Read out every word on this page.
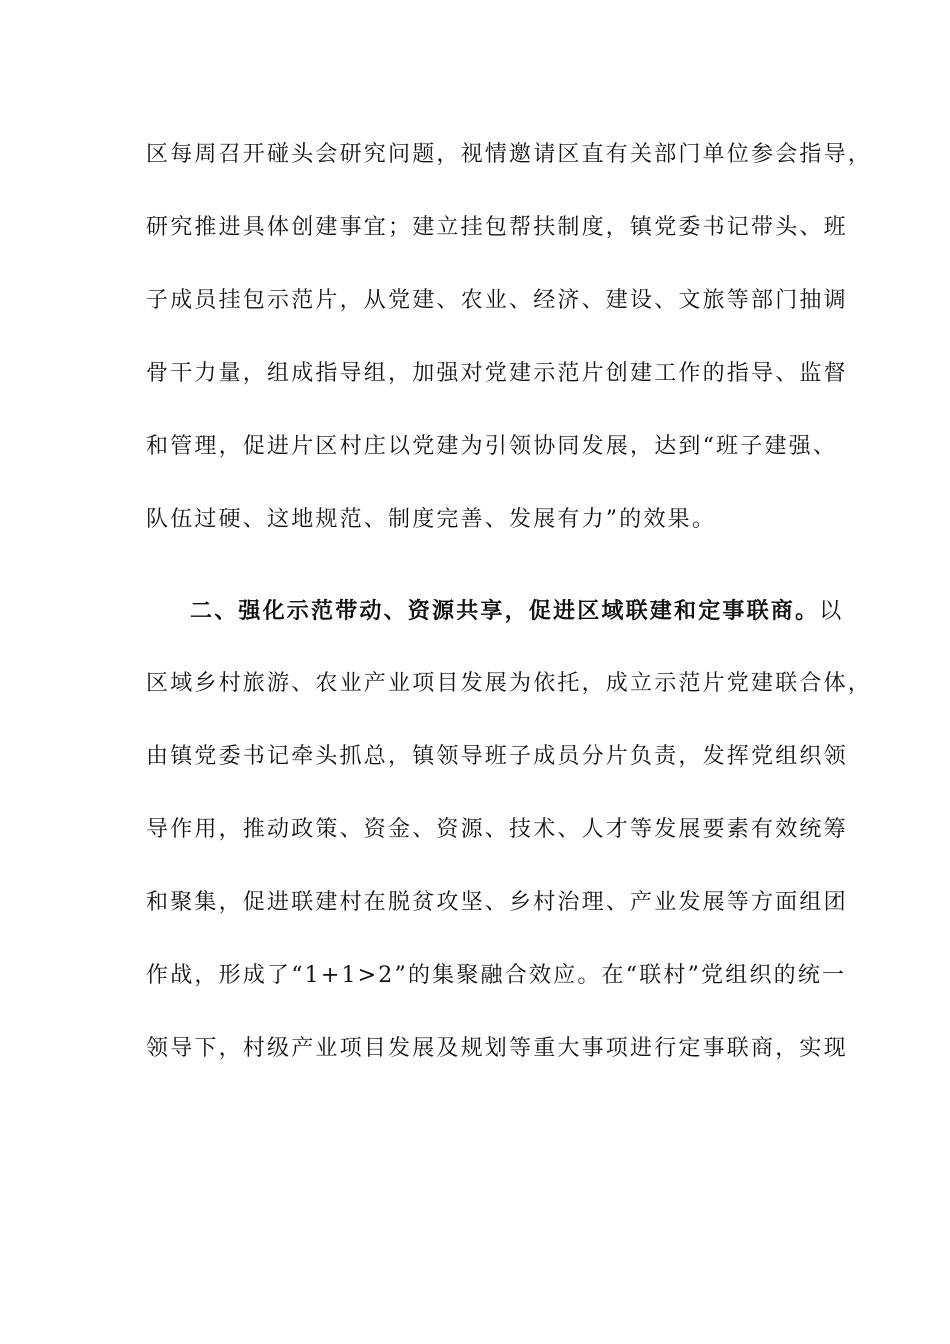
区每周召开碰头会研究问题，视情邀请区直有关部门单位参会指导，
研究推进具体创建事宜；建立挂包帮扶制度，镇党委书记带头、班
子成员挂包示范片，从党建、农业、经济、建设、文旅等部门抽调
骨干力量，组成指导组，加强对党建示范片创建工作的指导、监督
和管理，促进片区村庄以党建为引领协同发展，达到“班子建强、
队伍过硬、这地规范、制度完善、发展有力”的效果。
二、强化示范带动、资源共享，促进区域联建和定事联商。以
区域乡村旅游、农业产业项目发展为依托，成立示范片党建联合体，
由镇党委书记牵头抓总，镇领导班子成员分片负责，发挥党组织领
导作用，推动政策、资金、资源、技术、人才等发展要素有效统筹
和聚集，促进联建村在脱贫攻坚、乡村治理、产业发展等方面组团
作战，形成了“1+1>2”的集聚融合效应。在“联村”党组织的统一
领导下，村级产业项目发展及规划等重大事项进行定事联商，实现
